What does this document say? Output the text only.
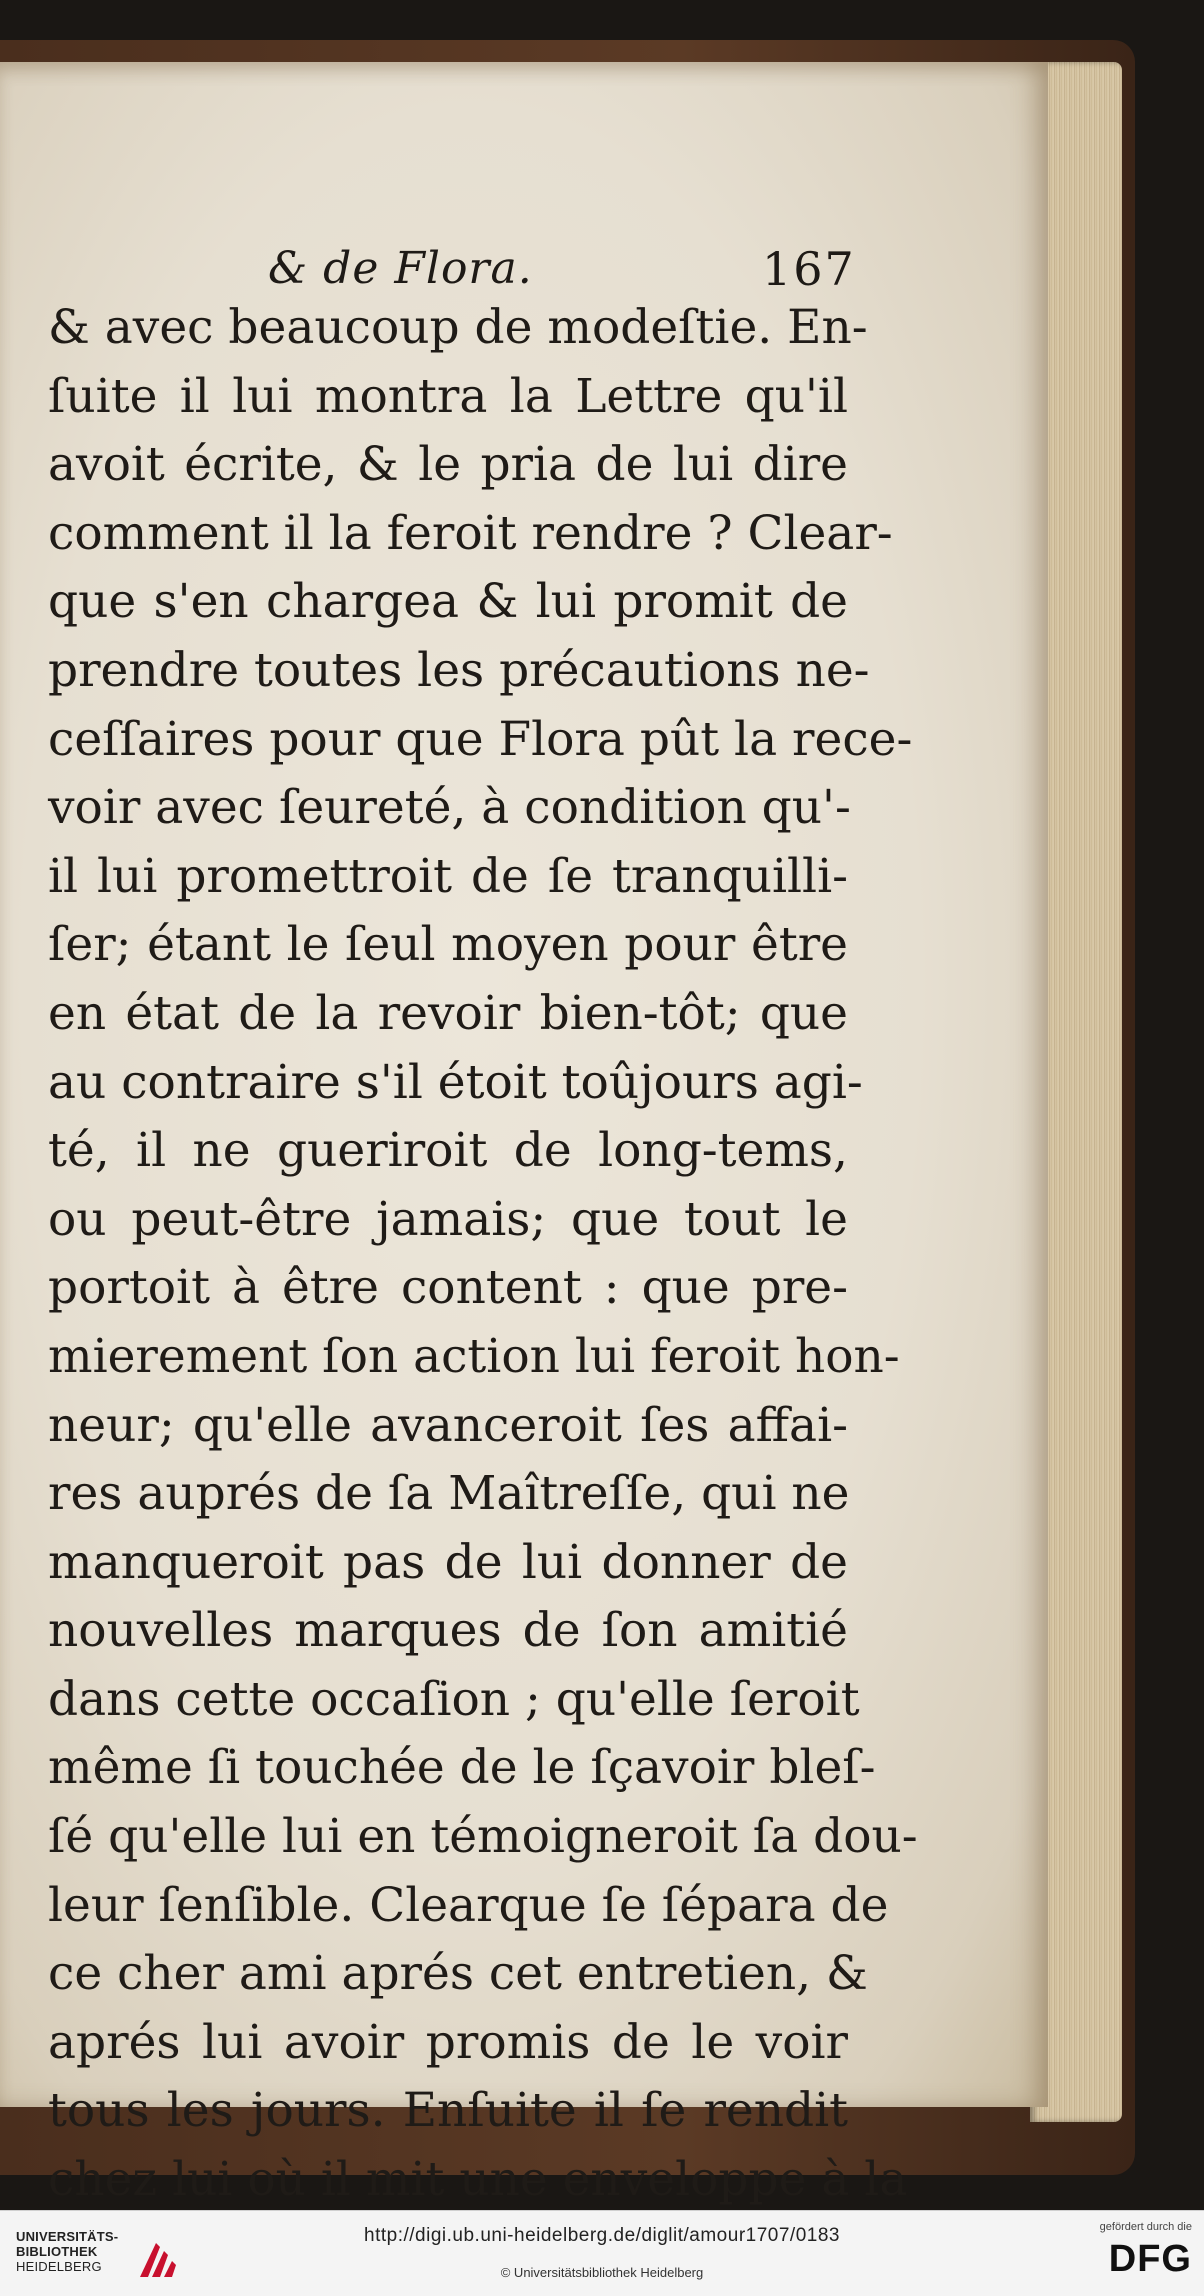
& de Flora.	167
& avec beaucoup de modeſtie. En-
ſuite il lui montra la Lettre qu'il
avoit écrite, & le pria de lui dire
comment il la feroit rendre ? Clear-
que s'en chargea & lui promit de
prendre toutes les précautions ne-
ceſſaires pour que Flora pût la rece-
voir avec ſeureté, à condition qu'-
il lui promettroit de ſe tranquilli-
ſer; étant le ſeul moyen pour être
en état de la revoir bien-tôt; que
au contraire s'il étoit toûjours agi-
té, il ne gueriroit de long-tems,
ou peut-être jamais; que tout le
portoit à être content : que pre-
mierement ſon action lui feroit hon-
neur; qu'elle avanceroit ſes affai-
res auprés de ſa Maîtreſſe, qui ne
manqueroit pas de lui donner de
nouvelles marques de ſon amitié
dans cette occaſion ; qu'elle ſeroit
même ſi touchée de le ſçavoir bleſ-
ſé qu'elle lui en témoigneroit ſa dou-
leur ſenſible. Clearque ſe ſépara de
ce cher ami aprés cet entretien, &
aprés lui avoir promis de le voir
tous les jours. Enſuite il ſe rendit
chez lui où il mit une enveloppe à la
UNIVERSITÄTS-
BIBLIOTHEK
HEIDELBERG
http://digi.ub.uni-heidelberg.de/diglit/amour1707/0183
© Universitätsbibliothek Heidelberg
gefördert durch die
DFG
